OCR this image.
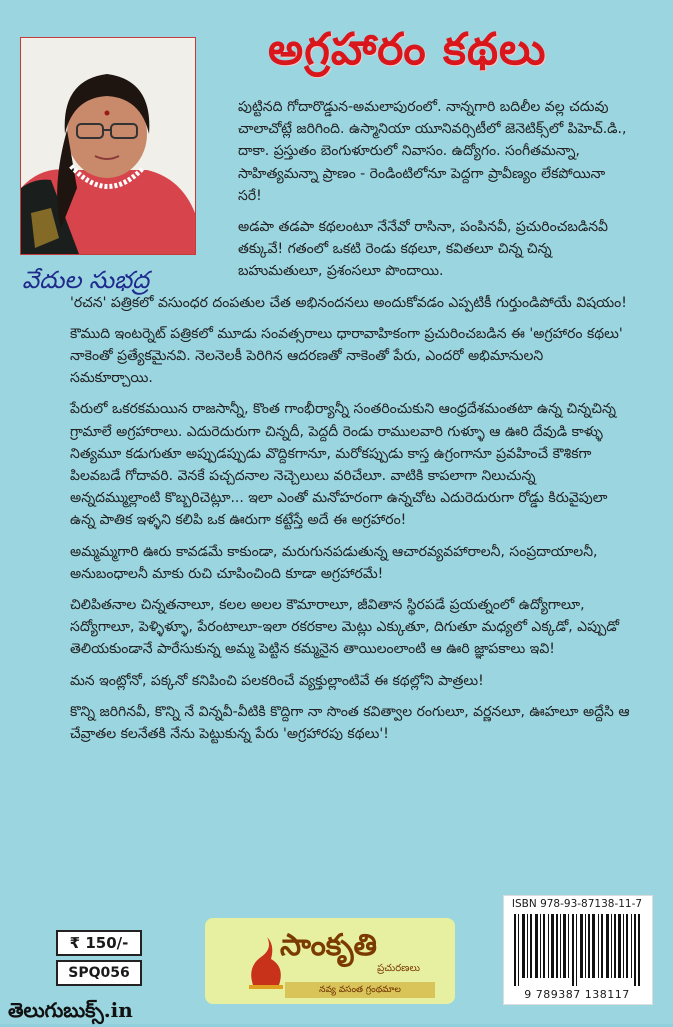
వేదుల సుభద్ర
అగ్రహారం కథలు

పుట్టినది గోదారొడ్డున-అమలాపురంలో. నాన్నగారి బదిలీల వల్ల చదువు చాలాచోట్లే జరిగింది. ఉస్మానియా యూనివర్సిటీలో జెనెటిక్స్‌లో పిహెచ్.డి., దాకా. ప్రస్తుతం బెంగుళూరులో నివాసం. ఉద్యోగం. సంగీతమన్నా, సాహిత్యమన్నా ప్రాణం - రెండింటిలోనూ పెద్దగా ప్రావీణ్యం లేకపోయినా సరే!

అడపా తడపా కథలంటూ నేనేవో రాసినా, పంపినవీ, ప్రచురించబడినవీ తక్కువే! గతంలో ఒకటి రెండు కథలూ, కవితలూ చిన్న చిన్న బహుమతులూ, ప్రశంసలూ పొందాయి.

'రచన' పత్రికలో వసుంధర దంపతుల చేత అభినందనలు అందుకోవడం ఎప్పటికీ గుర్తుండిపోయే విషయం!

కౌముది ఇంటర్నెట్ పత్రికలో మూడు సంవత్సరాలు ధారావాహికంగా ప్రచురించబడిన ఈ 'అగ్రహారం కథలు' నాకెంతో ప్రత్యేకమైనవి. నెలనెలకీ పెరిగిన ఆదరణతో నాకెంతో పేరు, ఎందరో అభిమానులని సమకూర్చాయి.

పేరులో ఒకరకమయిన రాజసాన్నీ, కొంత గాంభీర్యాన్నీ సంతరించుకుని ఆంధ్రదేశమంతటా ఉన్న చిన్నచిన్న గ్రామాలే అగ్రహారాలు. ఎదురెదురుగా చిన్నదీ, పెద్దదీ రెండు రాములవారి గుళ్ళూ ఆ ఊరి దేవుడి కాళ్ళు నిత్యమూ కడుగుతూ అప్పుడప్పుడు వొద్దికగానూ, మరోకప్పుడు కాస్త ఉగ్రంగానూ ప్రవహించే కౌశికగా పిలవబడే గోదావరి. వెనకే పచ్చదనాల నెచ్చెలులు వరిచేలూ. వాటికి కాపలాగా నిలుచున్న అన్నదమ్ముల్లాంటి కొబ్బరిచెట్లూ... ఇలా ఎంతో మనోహరంగా ఉన్నచోట ఎదురెదురుగా రోడ్డు కిరువైపులా ఉన్న పాతిక ఇళ్ళని కలిపి ఒక ఊరుగా కట్టేస్తే అదే ఈ అగ్రహారం!

అమ్మమ్మగారి ఊరు కావడమే కాకుండా, మరుగునపడుతున్న ఆచారవ్యవహారాలనీ, సంప్రదాయాలనీ, అనుబంధాలనీ మాకు రుచి చూపించింది కూడా అగ్రహారమే!

చిలిపితనాల చిన్నతనాలూ, కలల అలల కౌమారాలూ, జీవితాన స్థిరపడే ప్రయత్నంలో ఉద్యోగాలూ, సద్యోగాలూ, పెళ్ళిళ్ళూ, పేరంటాలూ-ఇలా రకరకాల మెట్లు ఎక్కుతూ, దిగుతూ మధ్యలో ఎక్కడో, ఎప్పుడో తెలియకుండానే పారేసుకున్న అమ్మ పెట్టిన కమ్మనైన తాయిలంలాంటి ఆ ఊరి జ్ఞాపకాలు ఇవి!

మన ఇంట్లోనో, పక్కనో కనిపించి పలకరించే వ్యక్తుల్లాంటివే ఈ కథల్లోని పాత్రలు!

కొన్ని జరిగినవీ, కొన్ని నే విన్నవీ-వీటికి కొద్దిగా నా సొంత కవిత్వాల రంగులూ, వర్ణనలూ, ఊహలూ అద్దేసి ఆ చేవ్రాతల కలనేతకి నేను పెట్టుకున్న పేరు 'అగ్రహారపు కథలు'!

₹ 150/-
SPQ056
సాంకృతి
ప్రచురణలు
నవ్య వసంత గ్రంథమాల
ISBN 978-93-87138-11-7
9 789387 138117
తెలుగుబుక్స్.in
